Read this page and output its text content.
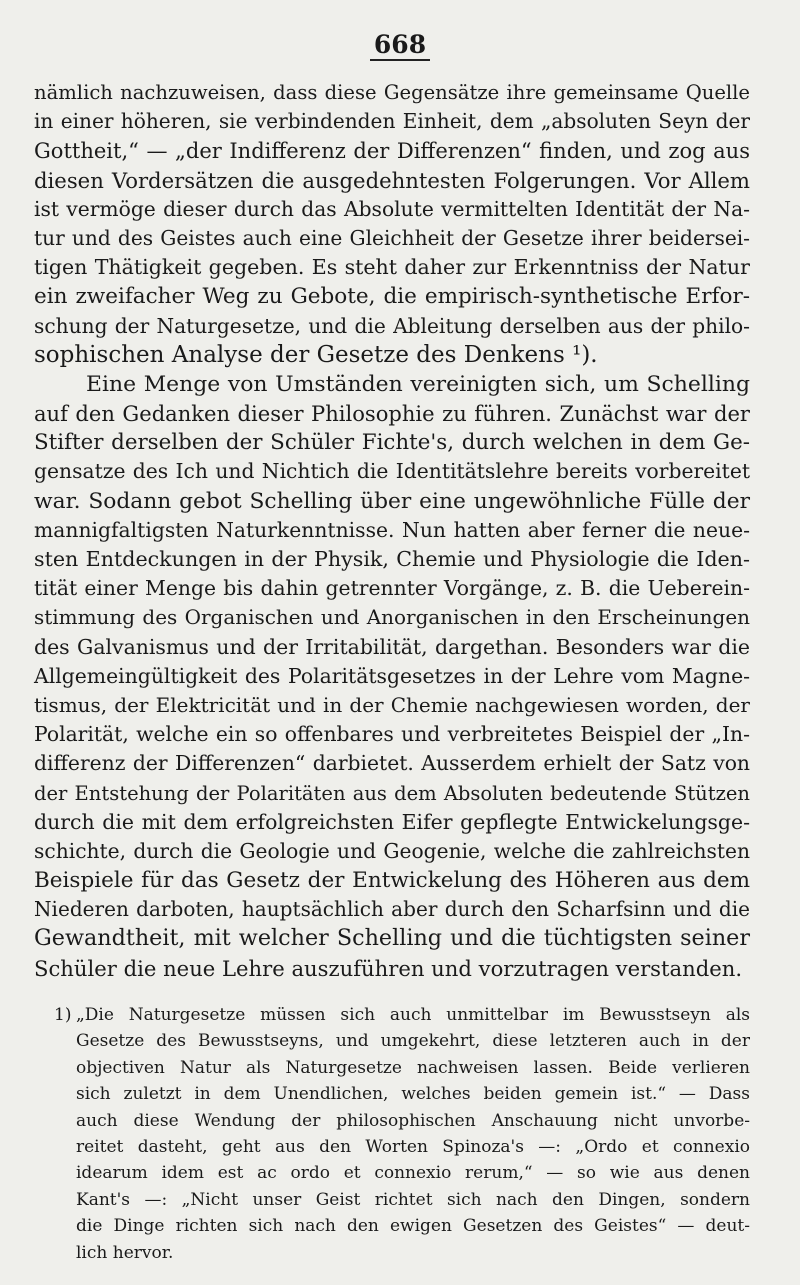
668
nämlich nachzuweisen, dass diese Gegensätze ihre gemeinsame Quelle
in einer höheren, sie verbindenden Einheit, dem „absoluten Seyn der
Gottheit,“ — „der Indifferenz der Differenzen“ finden, und zog aus
diesen Vordersätzen die ausgedehntesten Folgerungen. Vor Allem
ist vermöge dieser durch das Absolute vermittelten Identität der Na-
tur und des Geistes auch eine Gleichheit der Gesetze ihrer beidersei-
tigen Thätigkeit gegeben. Es steht daher zur Erkenntniss der Natur
ein zweifacher Weg zu Gebote, die empirisch-synthetische Erfor-
schung der Naturgesetze, und die Ableitung derselben aus der philo-
sophischen Analyse der Gesetze des Denkens ¹).
Eine Menge von Umständen vereinigten sich, um Schelling
auf den Gedanken dieser Philosophie zu führen. Zunächst war der
Stifter derselben der Schüler Fichte's, durch welchen in dem Ge-
gensatze des Ich und Nichtich die Identitätslehre bereits vorbereitet
war. Sodann gebot Schelling über eine ungewöhnliche Fülle der
mannigfaltigsten Naturkenntnisse. Nun hatten aber ferner die neue-
sten Entdeckungen in der Physik, Chemie und Physiologie die Iden-
tität einer Menge bis dahin getrennter Vorgänge, z. B. die Ueberein-
stimmung des Organischen und Anorganischen in den Erscheinungen
des Galvanismus und der Irritabilität, dargethan. Besonders war die
Allgemeingültigkeit des Polaritätsgesetzes in der Lehre vom Magne-
tismus, der Elektricität und in der Chemie nachgewiesen worden, der
Polarität, welche ein so offenbares und verbreitetes Beispiel der „In-
differenz der Differenzen“ darbietet. Ausserdem erhielt der Satz von
der Entstehung der Polaritäten aus dem Absoluten bedeutende Stützen
durch die mit dem erfolgreichsten Eifer gepflegte Entwickelungsge-
schichte, durch die Geologie und Geogenie, welche die zahlreichsten
Beispiele für das Gesetz der Entwickelung des Höheren aus dem
Niederen darboten, hauptsächlich aber durch den Scharfsinn und die
Gewandtheit, mit welcher Schelling und die tüchtigsten seiner
Schüler die neue Lehre auszuführen und vorzutragen verstanden.
1) „Die Naturgesetze müssen sich auch unmittelbar im Bewusstseyn als
Gesetze des Bewusstseyns, und umgekehrt, diese letzteren auch in der
objectiven Natur als Naturgesetze nachweisen lassen. Beide verlieren
sich zuletzt in dem Unendlichen, welches beiden gemein ist.“ — Dass
auch diese Wendung der philosophischen Anschauung nicht unvorbe-
reitet dasteht, geht aus den Worten Spinoza's —: „Ordo et connexio
idearum idem est ac ordo et connexio rerum,“ — so wie aus denen
Kant's —: „Nicht unser Geist richtet sich nach den Dingen, sondern
die Dinge richten sich nach den ewigen Gesetzen des Geistes“ — deut-
lich hervor.
